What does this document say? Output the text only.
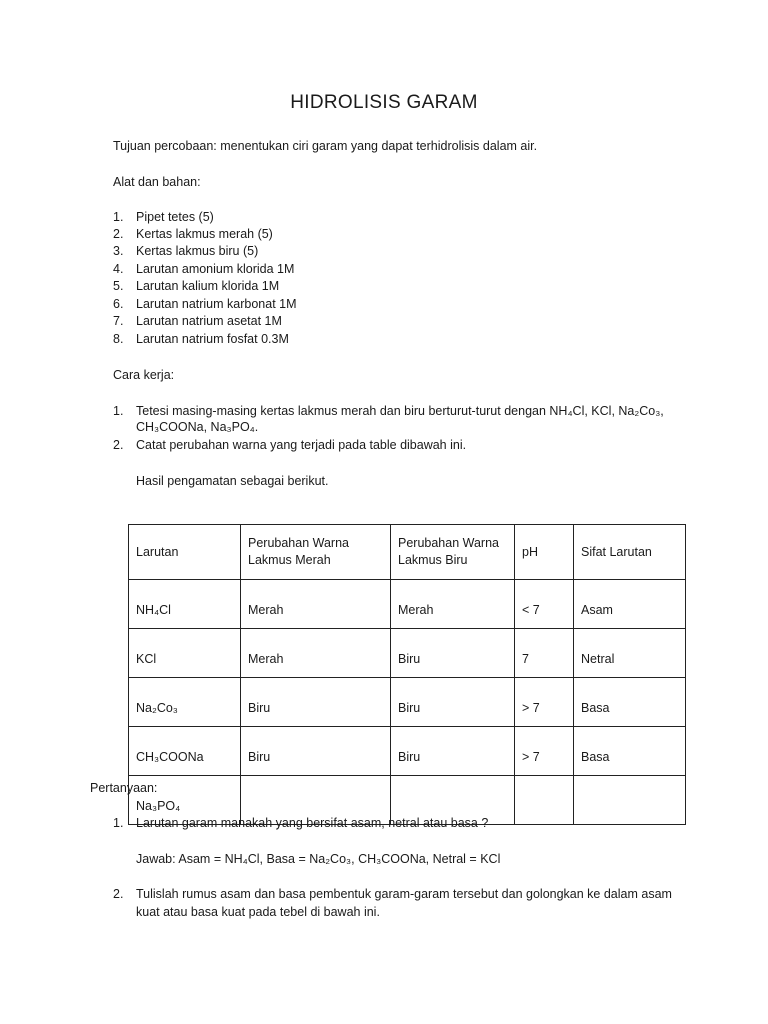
HIDROLISIS GARAM
Tujuan percobaan: menentukan ciri garam yang dapat terhidrolisis dalam air.
Alat dan bahan:
1. Pipet tetes (5)
2. Kertas lakmus merah (5)
3. Kertas lakmus biru (5)
4. Larutan amonium klorida 1M
5. Larutan kalium klorida 1M
6. Larutan natrium karbonat 1M
7. Larutan natrium asetat 1M
8. Larutan natrium fosfat 0.3M
Cara kerja:
1. Tetesi masing-masing kertas lakmus merah dan biru berturut-turut dengan NH₄Cl, KCl, Na₂Co₃,
CH₃COONa, Na₃PO₄.
2. Catat perubahan warna yang terjadi pada table dibawah ini.
Hasil pengamatan sebagai berikut.
Larutan	Perubahan Warna Lakmus Merah	Perubahan Warna Lakmus Biru	pH	Sifat Larutan
NH₄Cl	Merah	Merah	< 7	Asam
KCl	Merah	Biru	7	Netral
Na₂Co₃	Biru	Biru	> 7	Basa
CH₃COONa	Biru	Biru	> 7	Basa
Na₃PO₄				
Pertanyaan:
1. Larutan garam manakah yang bersifat asam, netral atau basa ?
Jawab: Asam = NH₄Cl, Basa = Na₂Co₃, CH₃COONa, Netral = KCl
2. Tulislah rumus asam dan basa pembentuk garam-garam tersebut dan golongkan ke dalam asam
kuat atau basa kuat pada tebel di bawah ini.
